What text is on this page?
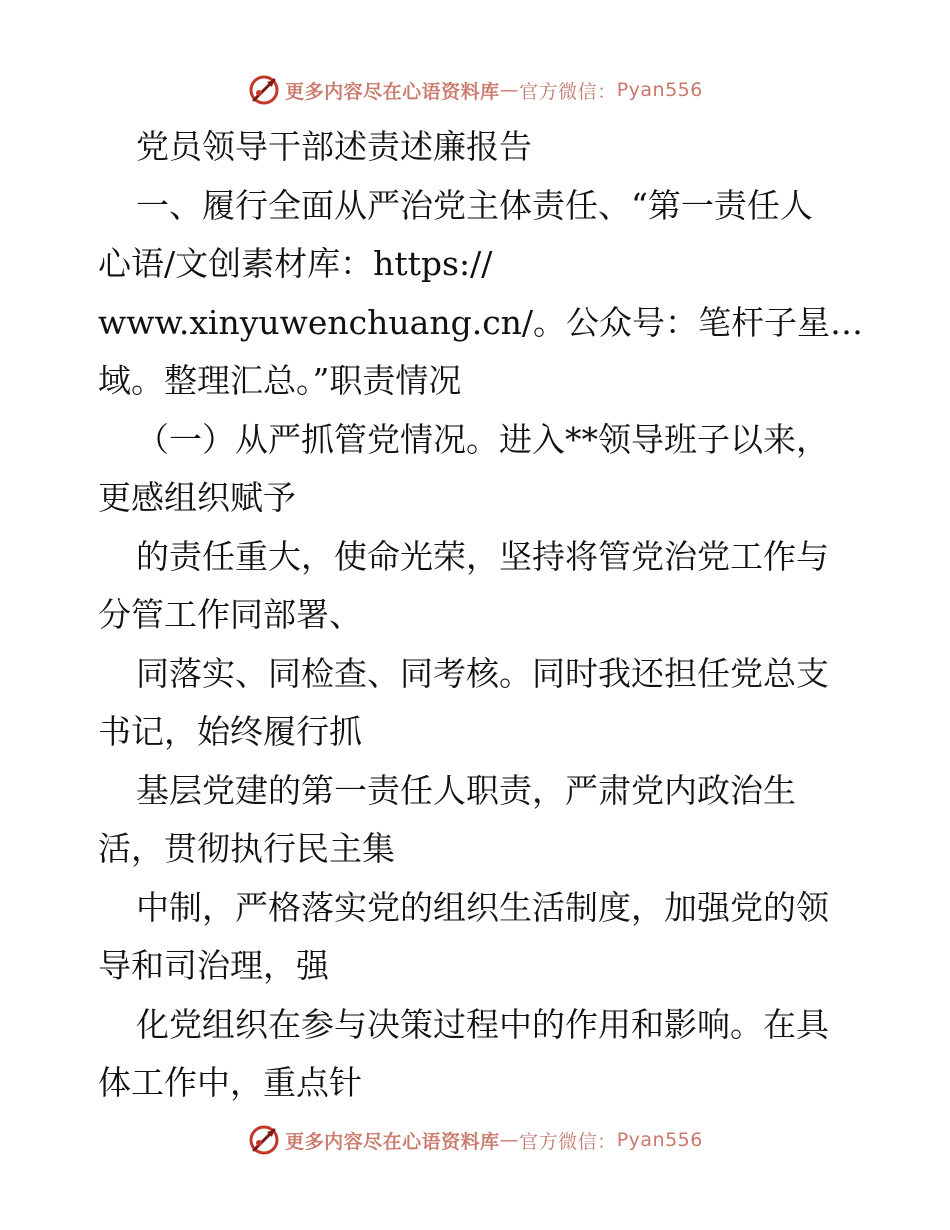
更多内容尽在心语资料库 — 官方微信： Pyan556
党员领导干部述责述廉报告
一、履行全面从严治党主体责任、“第一责任人
心语/文创素材库：https://
www.xinyuwenchuang.cn/。公众号：笔杆子星…
域。整理汇总。”职责情况
（一）从严抓管党情况。进入**领导班子以来，
更感组织赋予
的责任重大，使命光荣，坚持将管党治党工作与
分管工作同部署、
同落实、同检查、同考核。同时我还担任党总支
书记，始终履行抓
基层党建的第一责任人职责，严肃党内政治生
活，贯彻执行民主集
中制，严格落实党的组织生活制度，加强党的领
导和司治理，强
化党组织在参与决策过程中的作用和影响。在具
体工作中，重点针
更多内容尽在心语资料库 — 官方微信： Pyan556
